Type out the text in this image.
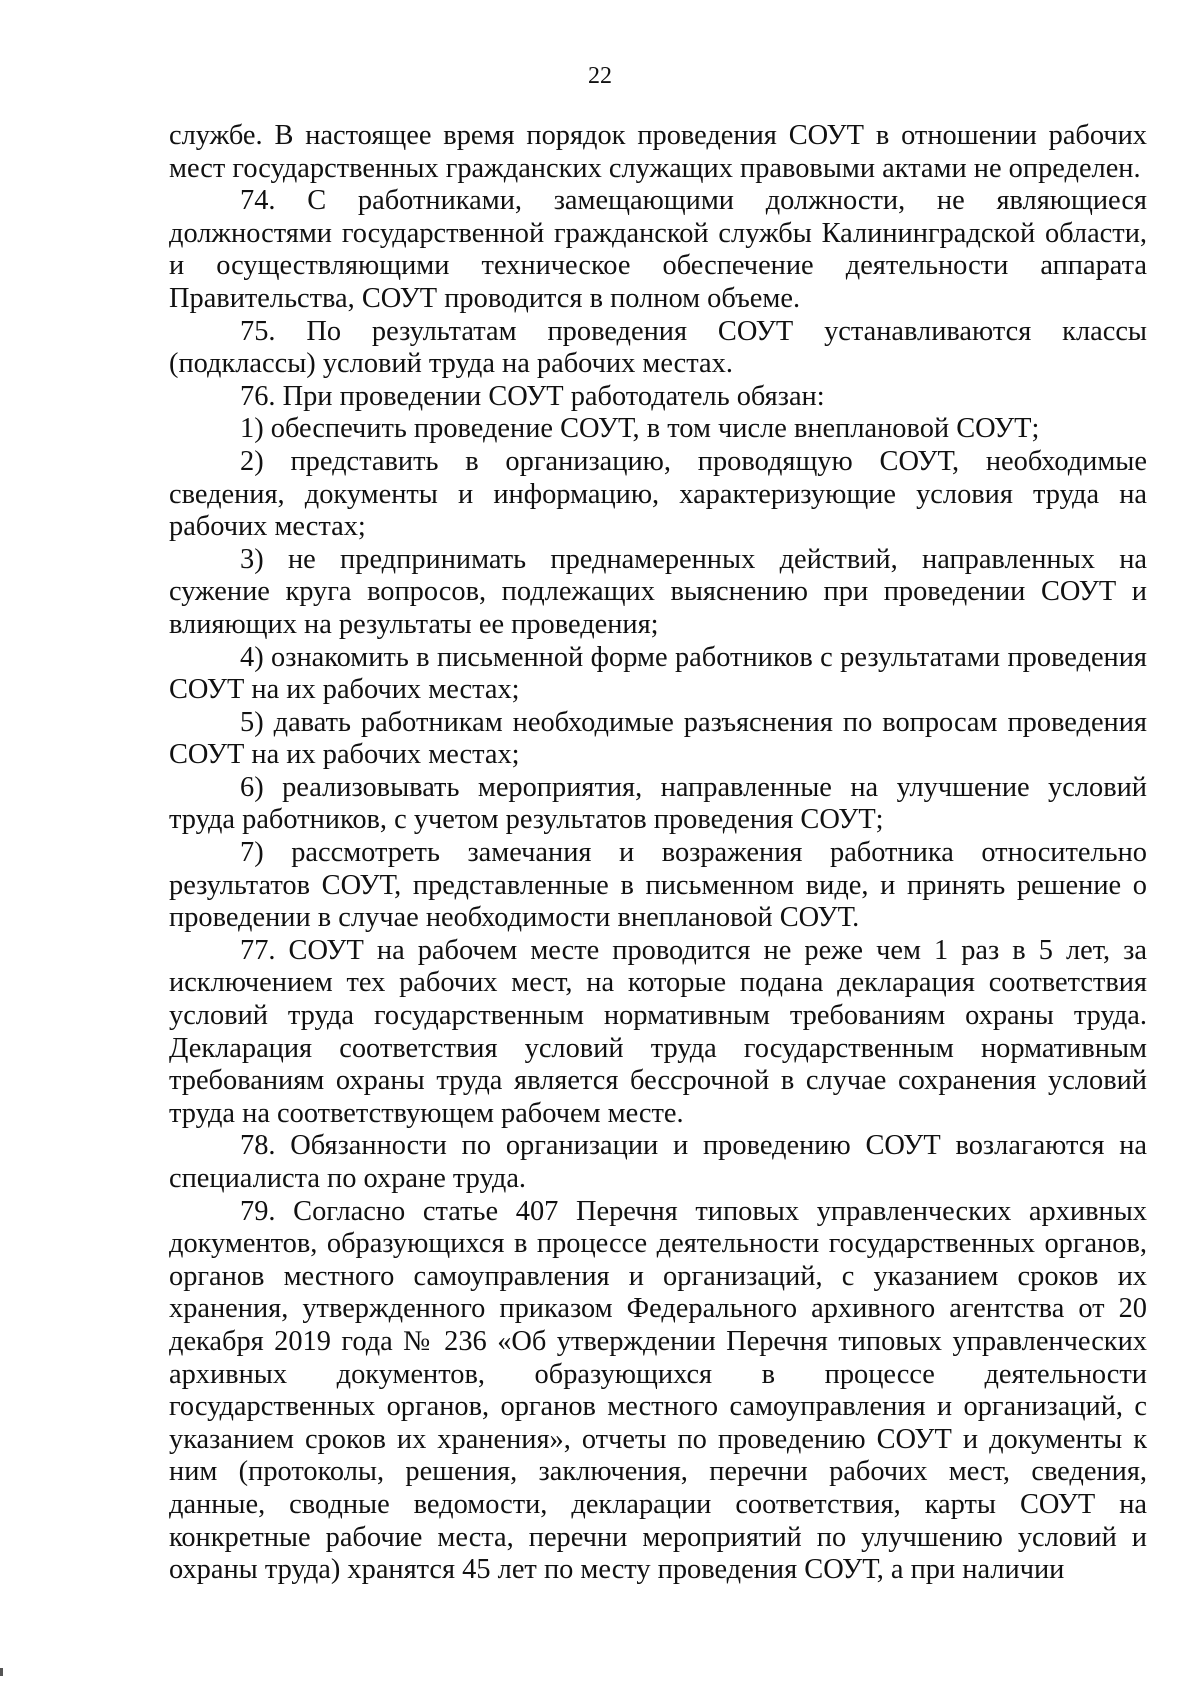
22

службе. В настоящее время порядок проведения СОУТ в отношении рабочих мест государственных гражданских служащих правовыми актами не определен.

74. С работниками, замещающими должности, не являющиеся должностями государственной гражданской службы Калининградской области, и осуществляющими техническое обеспечение деятельности аппарата Правительства, СОУТ проводится в полном объеме.

75. По результатам проведения СОУТ устанавливаются классы (подклассы) условий труда на рабочих местах.

76. При проведении СОУТ работодатель обязан:

1) обеспечить проведение СОУТ, в том числе внеплановой СОУТ;

2) представить в организацию, проводящую СОУТ, необходимые сведения, документы и информацию, характеризующие условия труда на рабочих местах;

3) не предпринимать преднамеренных действий, направленных на сужение круга вопросов, подлежащих выяснению при проведении СОУТ и влияющих на результаты ее проведения;

4) ознакомить в письменной форме работников с результатами проведения СОУТ на их рабочих местах;

5) давать работникам необходимые разъяснения по вопросам проведения СОУТ на их рабочих местах;

6) реализовывать мероприятия, направленные на улучшение условий труда работников, с учетом результатов проведения СОУТ;

7) рассмотреть замечания и возражения работника относительно результатов СОУТ, представленные в письменном виде, и принять решение о проведении в случае необходимости внеплановой СОУТ.

77. СОУТ на рабочем месте проводится не реже чем 1 раз в 5 лет, за исключением тех рабочих мест, на которые подана декларация соответствия условий труда государственным нормативным требованиям охраны труда. Декларация соответствия условий труда государственным нормативным требованиям охраны труда является бессрочной в случае сохранения условий труда на соответствующем рабочем месте.

78. Обязанности по организации и проведению СОУТ возлагаются на специалиста по охране труда.

79. Согласно статье 407 Перечня типовых управленческих архивных документов, образующихся в процессе деятельности государственных органов, органов местного самоуправления и организаций, с указанием сроков их хранения, утвержденного приказом Федерального архивного агентства от 20 декабря 2019 года № 236 «Об утверждении Перечня типовых управленческих архивных документов, образующихся в процессе деятельности государственных органов, органов местного самоуправления и организаций, с указанием сроков их хранения», отчеты по проведению СОУТ и документы к ним (протоколы, решения, заключения, перечни рабочих мест, сведения, данные, сводные ведомости, декларации соответствия, карты СОУТ на конкретные рабочие места, перечни мероприятий по улучшению условий и охраны труда) хранятся 45 лет по месту проведения СОУТ, а при наличии
